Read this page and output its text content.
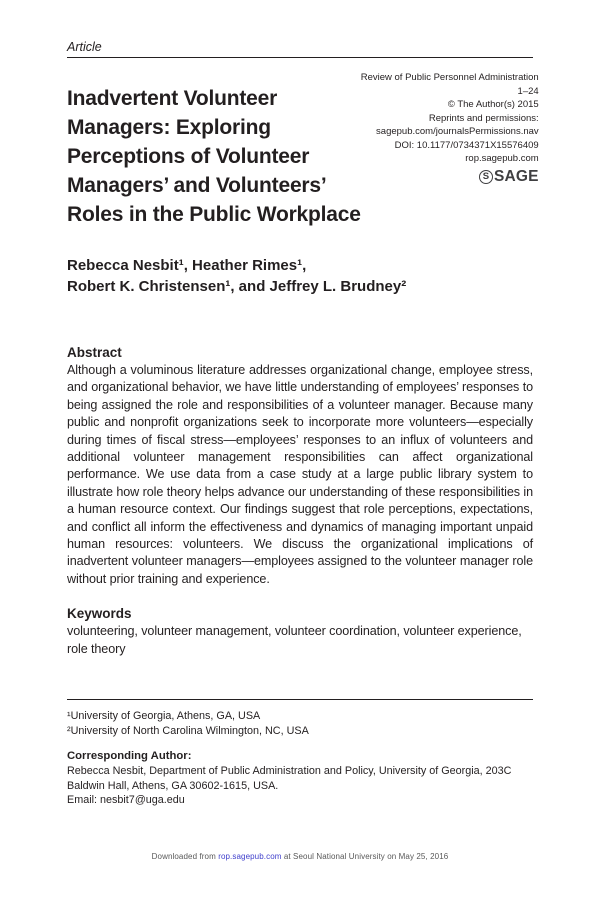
Article
Inadvertent Volunteer
Managers: Exploring
Perceptions of Volunteer
Managers’ and Volunteers’
Roles in the Public Workplace
Review of Public Personnel Administration
1–24
© The Author(s) 2015
Reprints and permissions:
sagepub.com/journalsPermissions.nav
DOI: 10.1177/0734371X15576409
rop.sagepub.com
S SAGE
Rebecca Nesbit¹, Heather Rimes¹,
Robert K. Christensen¹, and Jeffrey L. Brudney²
Abstract
Although a voluminous literature addresses organizational change, employee stress, and organizational behavior, we have little understanding of employees’ responses to being assigned the role and responsibilities of a volunteer manager. Because many public and nonprofit organizations seek to incorporate more volunteers—especially during times of fiscal stress—employees’ responses to an influx of volunteers and additional volunteer management responsibilities can affect organizational performance. We use data from a case study at a large public library system to illustrate how role theory helps advance our understanding of these responsibilities in a human resource context. Our findings suggest that role perceptions, expectations, and conflict all inform the effectiveness and dynamics of managing important unpaid human resources: volunteers. We discuss the organizational implications of inadvertent volunteer managers—employees assigned to the volunteer manager role without prior training and experience.
Keywords
volunteering, volunteer management, volunteer coordination, volunteer experience, role theory
¹University of Georgia, Athens, GA, USA
²University of North Carolina Wilmington, NC, USA
Corresponding Author:
Rebecca Nesbit, Department of Public Administration and Policy, University of Georgia, 203C Baldwin Hall, Athens, GA 30602-1615, USA.
Email: nesbit7@uga.edu
Downloaded from rop.sagepub.com at Seoul National University on May 25, 2016
